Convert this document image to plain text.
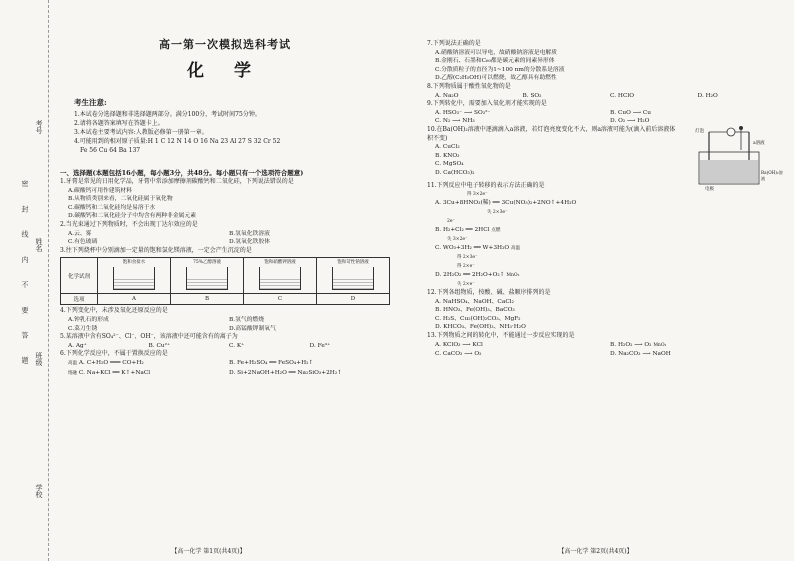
考号
姓名
班级
学校
密 封 线 内 不 要 答 题
高一第一次模拟选科考试
化 学
考生注意:
1.本试卷分选择题和非选择题两部分。满分100分，考试时间75分钟。
2.请将各题答案填写在答题卡上。
3.本试卷主要考试内容:人教版必修第一册第一章。
4.可能用到的相对原子质量:H 1 C 12 N 14 O 16 Na 23 Al 27 S 32 Cr 52
Fe 56 Cu 64 Ba 137
一、选择题(本题包括16小题，每小题3分，共48分。每小题只有一个选项符合题意)
1.牙膏是常见的日用化学品，牙膏中常添加摩擦剂碳酸钙和二氧化硅，下列说法错误的是
A.碳酸钙可用作建筑材料
B.从物质类别来看，二氧化硅属于氧化物
C.碳酸钙和二氧化硅均是易溶于水
D.碳酸钙和二氧化硅分子中均含有两种非金属元素
2.当光束通过下列物质时，不会出现丁达尔效应的是
A.云、雾	B.氢氧化铁溶液
C.有色玻璃	D.氢氧化铁胶体
3.往下列烧杯中分别滴加一定量的饱和氯化镁溶液，一定会产生沉淀的是
化学试剂	饱和食盐水	75%乙醇溶液	饱和硝酸钾溶液	饱和苛性钠溶液

选项	A	B	C	D
4.下列变化中，未涉及氧化还原反应的是
A.钟乳石的形成	B.氢气的燃烧
C.菜刀生锈	D.高锰酸钾制氧气
5.某溶液中含有SO₄²⁻、Cl⁻、OH⁻，该溶液中还可能含有的离子为
A. Ag⁺	B. Cu²⁺	C. K⁺	D. Fe³⁺
6.下列化学反应中，不属于置换反应的是
高温 A. C+H₂O ═══ CO+H₂	B. Fe+H₂SO₄ ══ FeSO₄+H₂↑
熔融 C. Na+KCl ══ K↑+NaCl	D. Si+2NaOH+H₂O ══ Na₂SiO₃+2H₂↑
【高一化学 第1页(共4页)】
7.下列说法正确的是
A.硝酸钠溶液可以导电，故硝酸钠溶液是电解质
B.金刚石、石墨和C₆₀都是碳元素的同素异形体
C.分散质粒子的直径为1~100 nm的分散系是溶液
D.乙醇(C₂H₅OH)可以燃烧，故乙醇具有助燃性
8.下列物质属于酸性氧化物的是
A. Na₂O	B. SO₂	C. HClO	D. H₂O
9.下列转化中，需要加入氧化剂才能实现的是
A. HSO₃⁻ ⟶ SO₃²⁻	B. CuO ⟶ Cu
C. N₂ ⟶ NH₃	D. O₂ ⟶ H₂O
10.在Ba(OH)₂溶液中逐滴滴入a溶液，若灯泡亮度变化不大，则a溶液可能为(滴入前后溶液体积不变)
A. CuCl₂
B. KNO₃
C. MgSO₄
D. Ca(HCO₃)₂
灯泡
a溶液
Ba(OH)₂溶液
电极
11.下列反应中电子转移的表示方法正确的是
得 3×2e⁻
A. 3Cu+8HNO₃(稀) ══ 3Cu(NO₃)₂+2NO↑+4H₂O
失 2×3e⁻
2e⁻
B. H₂+Cl₂ ══ 2HCl 点燃
失 3×2e⁻
C. WO₃+3H₂ ══ W+3H₂O 高温
得 2×3e⁻
得 2×e⁻
D. 2H₂O₂ ══ 2H₂O+O₂↑ MnO₂
失 2×e⁻
12.下列各组物质，按酸、碱、盐顺序排列的是
A. NaHSO₄、NaOH、CaCl₂
B. HNO₃、Fe(OH)₃、BaCO₃
C. H₂S、Cu₂(OH)₂CO₃、MgF₂
D. KHCO₃、Fe(OH)₃、NH₃·H₂O
13.下列物质之间的转化中，不能通过一步反应实现的是
A. KClO₃ ⟶ KCl	B. H₂O₂ ⟶ O₂ MnO₂
C. CaCO₃ ⟶ O₂	D. Na₂CO₃ ⟶ NaOH
【高一化学 第2页(共4页)】
